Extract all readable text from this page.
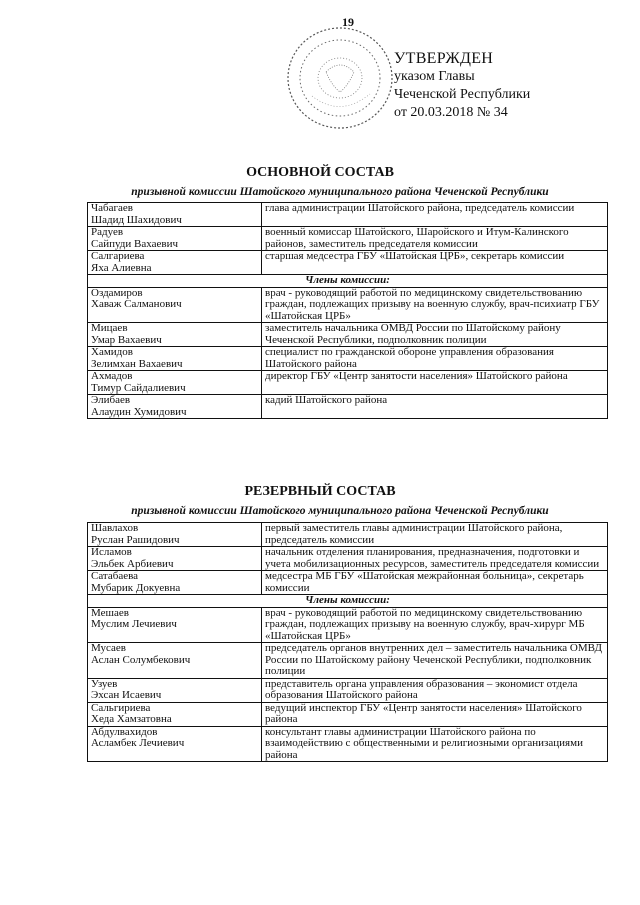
19
УТВЕРЖДЕН
указом Главы
Чеченской Республики
от 20.03.2018 № 34
ОСНОВНОЙ СОСТАВ
призывной комиссии Шатойского муниципального района Чеченской Республики
Чабагаев
Шадид Шахидович	глава администрации Шатойского района, председатель комиссии

Радуев
Сайпуди Вахаевич	военный комиссар Шатойского, Шаройского и Итум-Калинского районов, заместитель председателя комиссии

Салгариева
Яха Алиевна	старшая медсестра ГБУ «Шатойская ЦРБ», секретарь комиссии
Члены комиссии:	

Оздамиров
Хаваж Салманович	врач - руководящий работой по медицинскому свидетельствованию граждан, подлежащих призыву на военную службу, врач-психиатр ГБУ «Шатойская ЦРБ»

Мицаев
Умар Вахаевич	заместитель начальника ОМВД России по Шатойскому району Чеченской Республики, подполковник полиции

Хамидов
Зелимхан Вахаевич	специалист по гражданской обороне управления образования Шатойского района

Ахмадов
Тимур Сайдалиевич	директор ГБУ «Центр занятости населения» Шатойского района

Элибаев
Алаудин Хумидович	кадий Шатойского района
РЕЗЕРВНЫЙ СОСТАВ
призывной комиссии Шатойского муниципального района Чеченской Республики
Шавлахов
Руслан Рашидович	первый заместитель главы администрации Шатойского района, председатель комиссии

Исламов
Эльбек Арбиевич	начальник отделения планирования, предназначения, подготовки и учета мобилизационных ресурсов, заместитель председателя комиссии

Сатабаева
Мубарик Докуевна	медсестра МБ ГБУ «Шатойская межрайонная больница», секретарь комиссии
Члены комиссии:	

Мешаев
Муслим Лечиевич	врач - руководящий работой по медицинскому свидетельствованию граждан, подлежащих призыву на военную службу, врач-хирург МБ «Шатойская ЦРБ»

Мусаев
Аслан Солумбекович	председатель органов внутренних дел – заместитель начальника ОМВД России по Шатойскому району Чеченской Республики, подполковник полиции

Узуев
Эхсан Исаевич	представитель органа управления образования – экономист отдела образования Шатойского района

Сальгириева
Хеда Хамзатовна	ведущий инспектор ГБУ «Центр занятости населения» Шатойского района

Абдулвахидов
Асламбек Лечиевич	консультант главы администрации Шатойского района по взаимодействию с общественными и религиозными организациями района
